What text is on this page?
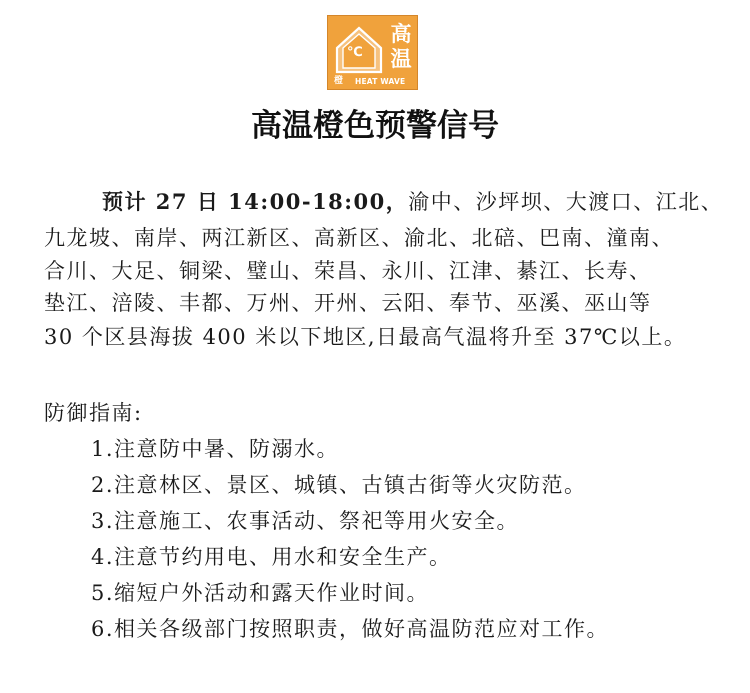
℃
高
温
橙 HEAT WAVE
高温橙色预警信号
预计 27 日 14:00-18:00，渝中、沙坪坝、大渡口、江北、
九龙坡、南岸、两江新区、高新区、渝北、北碚、巴南、潼南、
合川、大足、铜梁、璧山、荣昌、永川、江津、綦江、长寿、
垫江、涪陵、丰都、万州、开州、云阳、奉节、巫溪、巫山等
30 个区县海拔 400 米以下地区,日最高气温将升至 37℃以上。
防御指南:
1.注意防中暑、防溺水。
2.注意林区、景区、城镇、古镇古街等火灾防范。
3.注意施工、农事活动、祭祀等用火安全。
4.注意节约用电、用水和安全生产。
5.缩短户外活动和露天作业时间。
6.相关各级部门按照职责，做好高温防范应对工作。
